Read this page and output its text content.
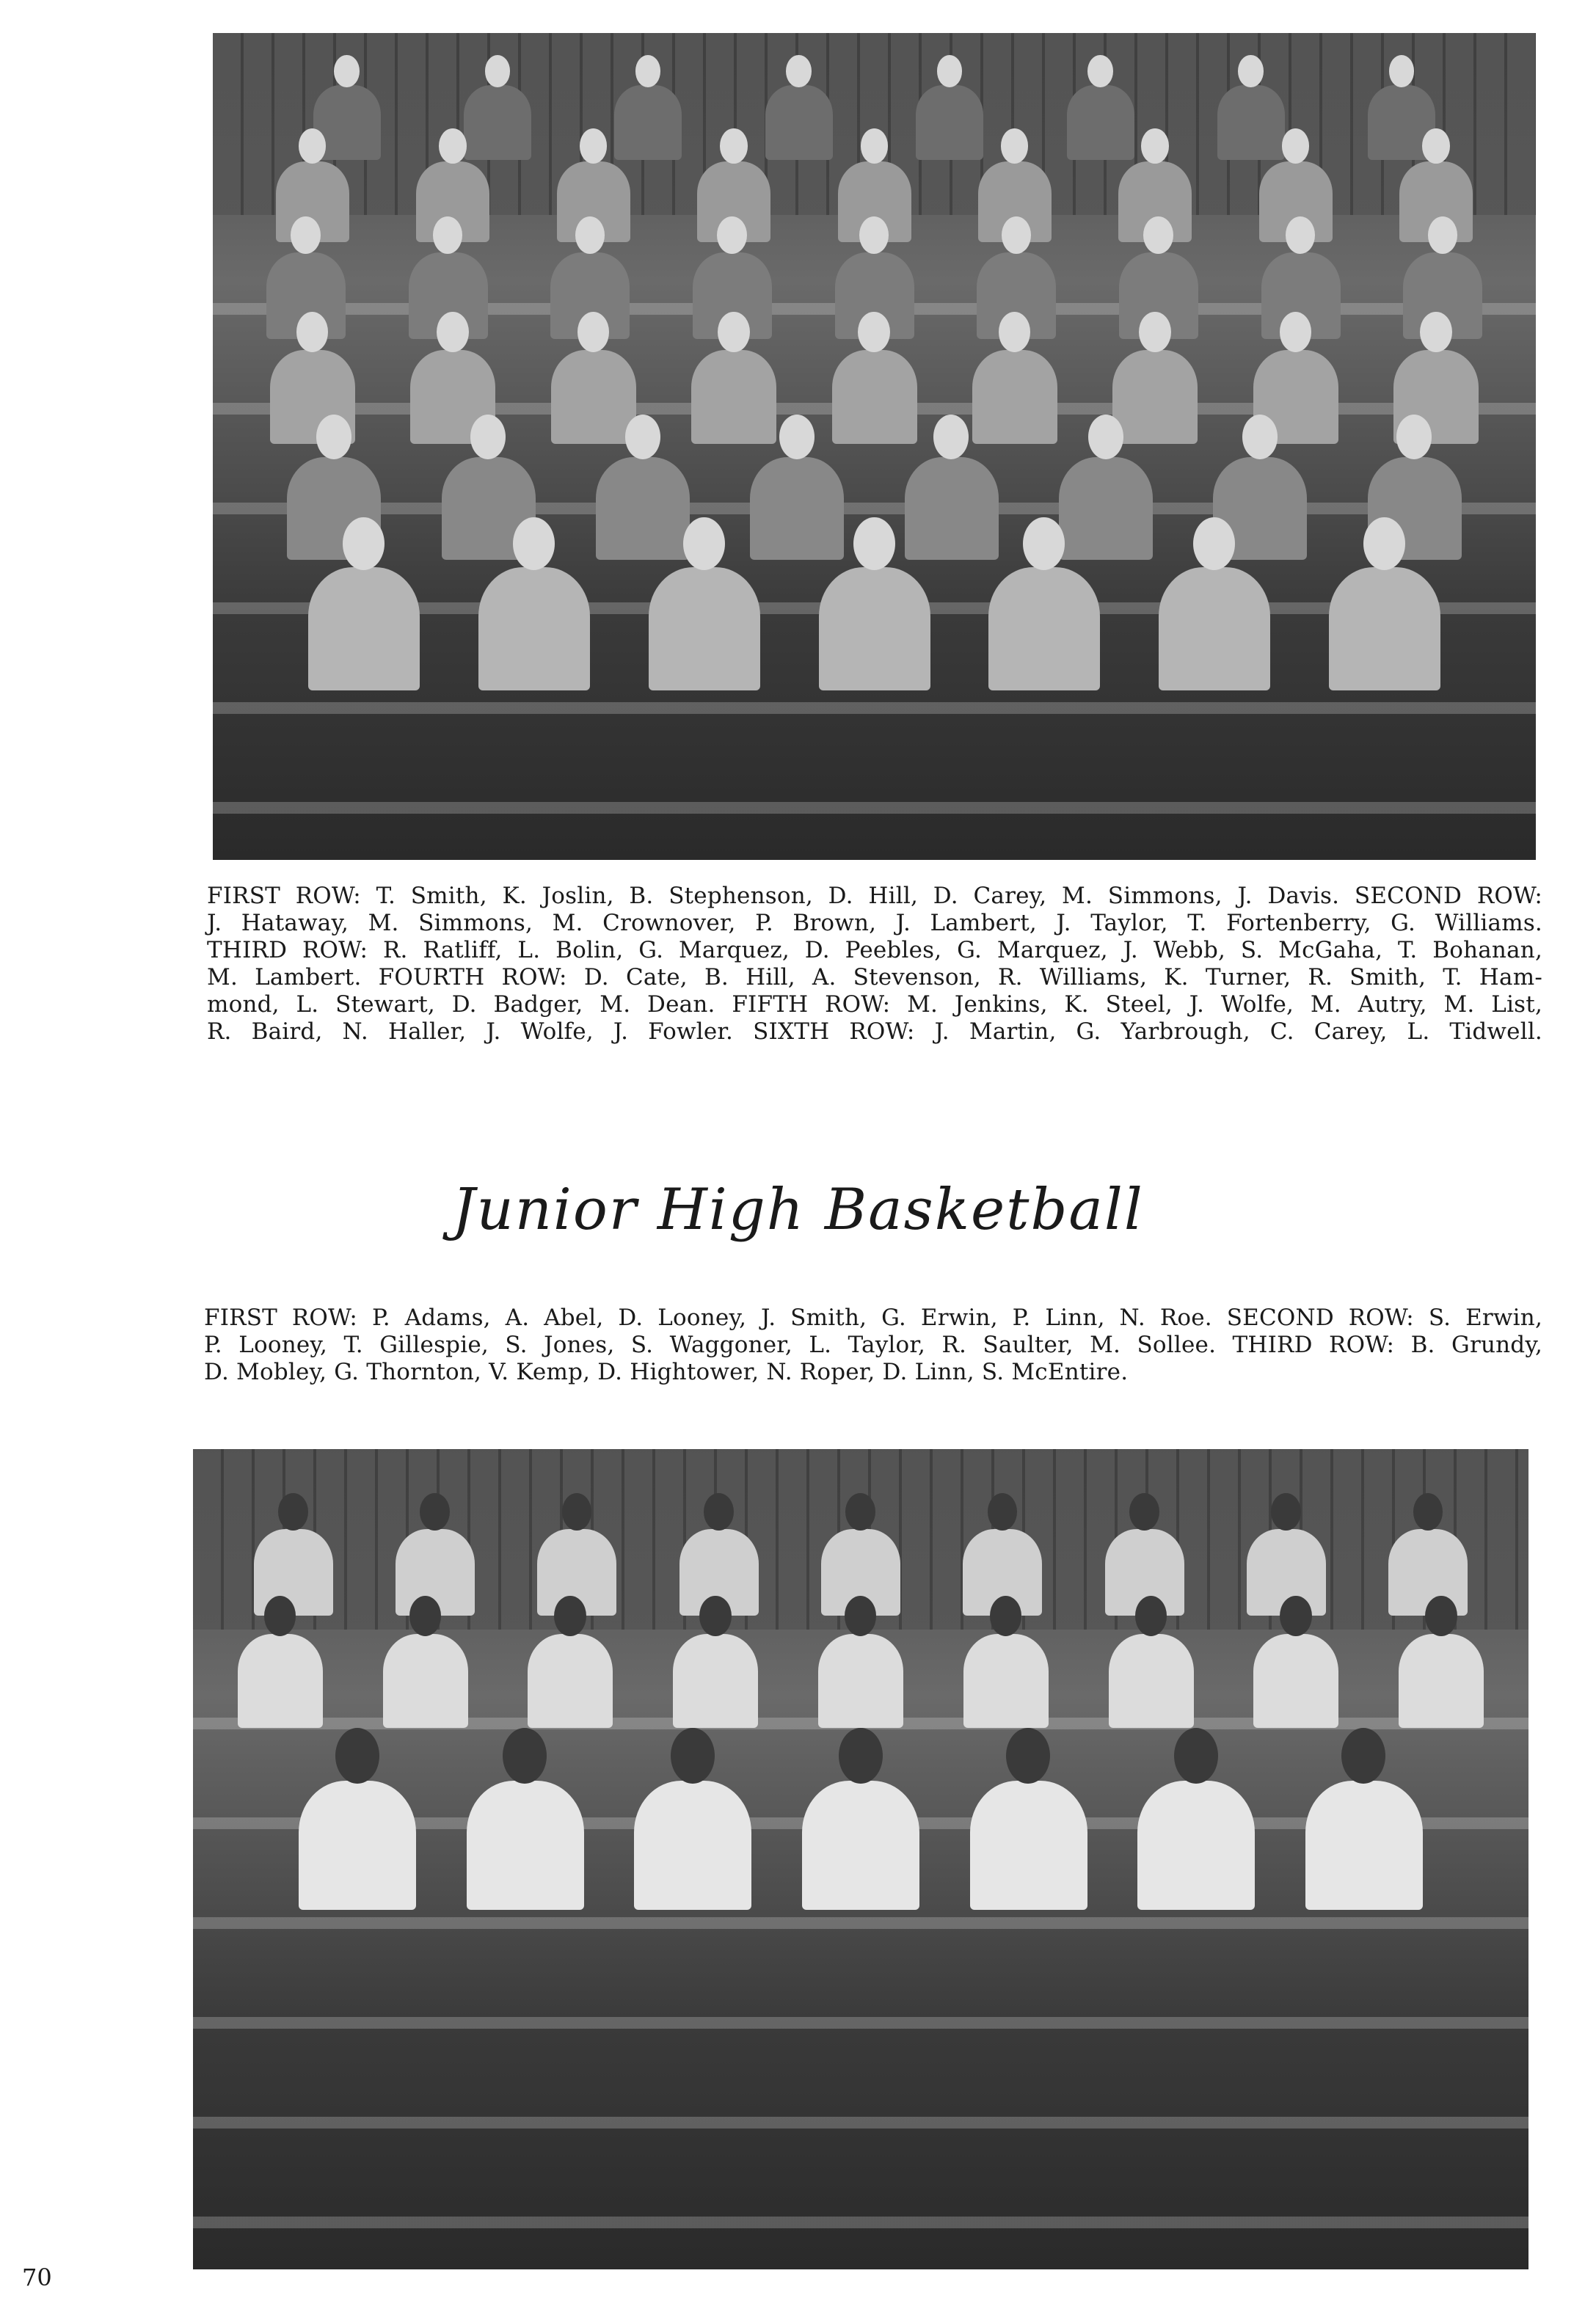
FIRST ROW: T. Smith, K. Joslin, B. Stephenson, D. Hill, D. Carey, M. Simmons, J. Davis. SECOND ROW:
J. Hataway, M. Simmons, M. Crownover, P. Brown, J. Lambert, J. Taylor, T. Fortenberry, G. Williams.
THIRD ROW: R. Ratliff, L. Bolin, G. Marquez, D. Peebles, G. Marquez, J. Webb, S. McGaha, T. Bohanan,
M. Lambert. FOURTH ROW: D. Cate, B. Hill, A. Stevenson, R. Williams, K. Turner, R. Smith, T. Ham-
mond, L. Stewart, D. Badger, M. Dean. FIFTH ROW: M. Jenkins, K. Steel, J. Wolfe, M. Autry, M. List,
R. Baird, N. Haller, J. Wolfe, J. Fowler. SIXTH ROW: J. Martin, G. Yarbrough, C. Carey, L. Tidwell.
Junior High Basketball
FIRST ROW: P. Adams, A. Abel, D. Looney, J. Smith, G. Erwin, P. Linn, N. Roe. SECOND ROW: S. Erwin,
P. Looney, T. Gillespie, S. Jones, S. Waggoner, L. Taylor, R. Saulter, M. Sollee. THIRD ROW: B. Grundy,
D. Mobley, G. Thornton, V. Kemp, D. Hightower, N. Roper, D. Linn, S. McEntire.
70
